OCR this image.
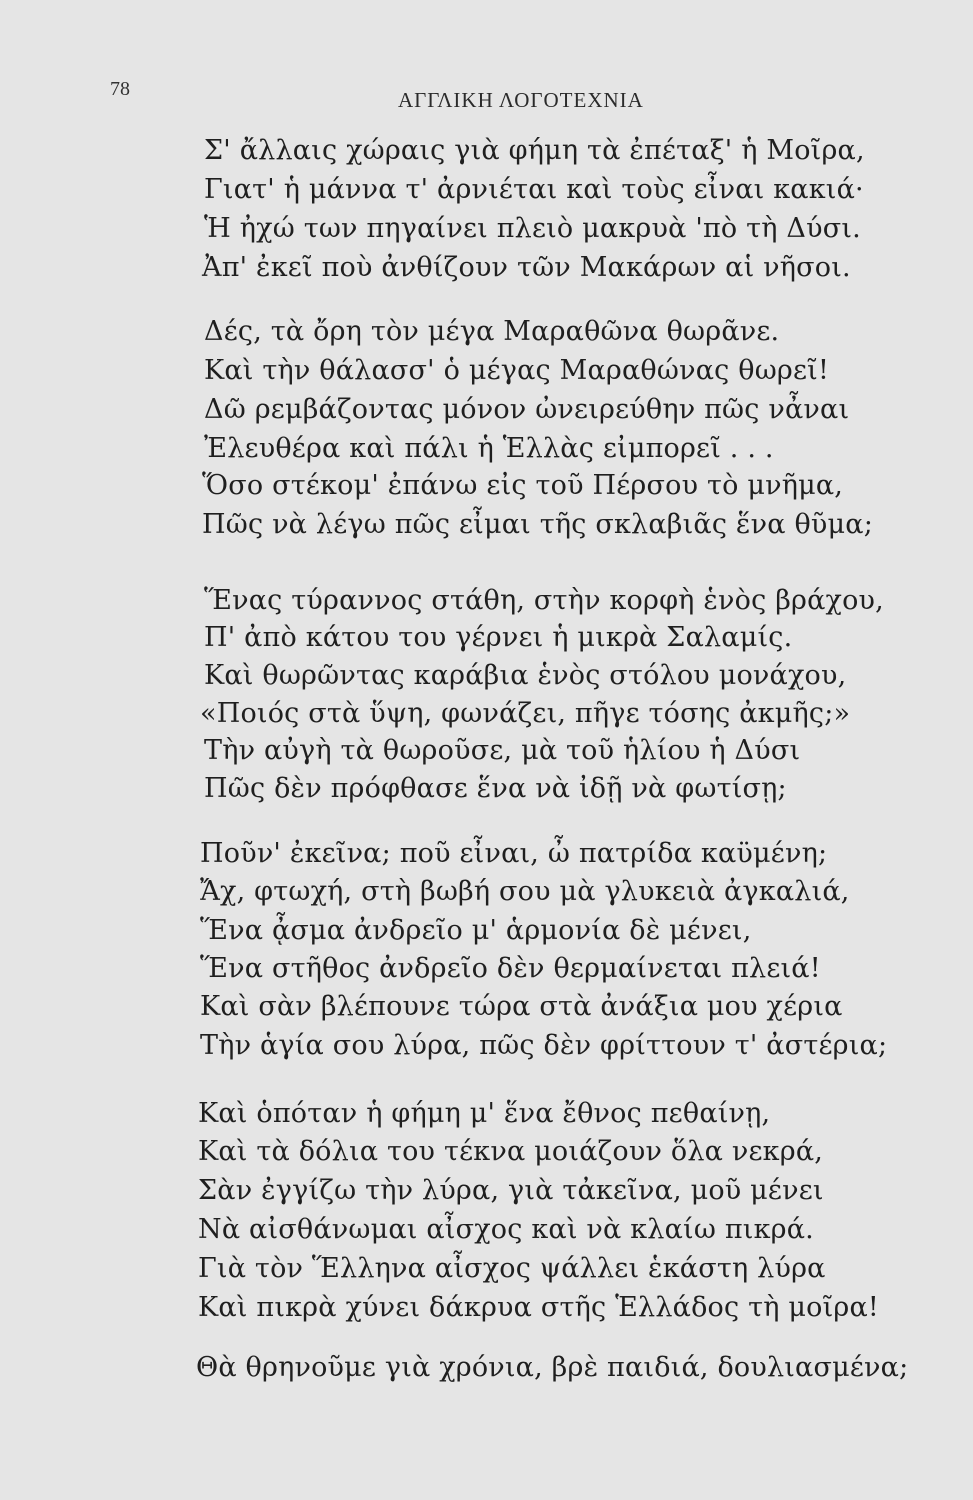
78	ΑΓΓΛΙΚΗ ΛΟΓΟΤΕΧΝΙΑ
Σ' ἄλλαις χώραις γιὰ φήμη τὰ ἐπέταξ' ἡ Μοῖρα,
Γιατ' ἡ μάννα τ' ἀρνιέται καὶ τοὺς εἶναι κακιά·
Ἡ ἠχώ των πηγαίνει πλειὸ μακρυὰ 'πὸ τὴ Δύσι.
Ἀπ' ἐκεῖ ποὺ ἀνθίζουν τῶν Μακάρων αἱ νῆσοι.
Δές, τὰ ὄρη τὸν μέγα Μαραθῶνα θωρᾶνε.
Καὶ τὴν θάλασσ' ὁ μέγας Μαραθώνας θωρεῖ!
Δῶ ρεμβάζοντας μόνον ὠνειρεύθην πῶς νἆναι
Ἐλευθέρα καὶ πάλι ἡ Ἑλλὰς εἰμπορεῖ . . .
Ὅσο στέκομ' ἐπάνω εἰς τοῦ Πέρσου τὸ μνῆμα,
Πῶς νὰ λέγω πῶς εἶμαι τῆς σκλαβιᾶς ἕνα θῦμα;
Ἕνας τύραννος στάθη, στὴν κορφὴ ἑνὸς βράχου,
Π' ἀπὸ κάτου του γέρνει ἡ μικρὰ Σαλαμίς.
Καὶ θωρῶντας καράβια ἑνὸς στόλου μονάχου,
«Ποιός στὰ ὕψη, φωνάζει, πῆγε τόσης ἀκμῆς;»
Τὴν αὐγὴ τὰ θωροῦσε, μὰ τοῦ ἡλίου ἡ Δύσι
Πῶς δὲν πρόφθασε ἕνα νὰ ἰδῇ νὰ φωτίσῃ;
Ποῦν' ἐκεῖνα; ποῦ εἶναι, ὦ πατρίδα καϋμένη;
Ἄχ, φτωχή, στὴ βωβή σου μὰ γλυκειὰ ἀγκαλιά,
Ἕνα ᾆσμα ἀνδρεῖο μ' ἁρμονία δὲ μένει,
Ἕνα στῆθος ἀνδρεῖο δὲν θερμαίνεται πλειά!
Καὶ σὰν βλέπουνε τώρα στὰ ἀνάξια μου χέρια
Τὴν ἁγία σου λύρα, πῶς δὲν φρίττουν τ' ἀστέρια;
Καὶ ὁπόταν ἡ φήμη μ' ἕνα ἔθνος πεθαίνῃ,
Καὶ τὰ δόλια του τέκνα μοιάζουν ὅλα νεκρά,
Σὰν ἐγγίζω τὴν λύρα, γιὰ τἀκεῖνα, μοῦ μένει
Νὰ αἰσθάνωμαι αἶσχος καὶ νὰ κλαίω πικρά.
Γιὰ τὸν Ἕλληνα αἶσχος ψάλλει ἑκάστη λύρα
Καὶ πικρὰ χύνει δάκρυα στῆς Ἑλλάδος τὴ μοῖρα!
Θὰ θρηνοῦμε γιὰ χρόνια, βρὲ παιδιά, δουλιασμένα;
